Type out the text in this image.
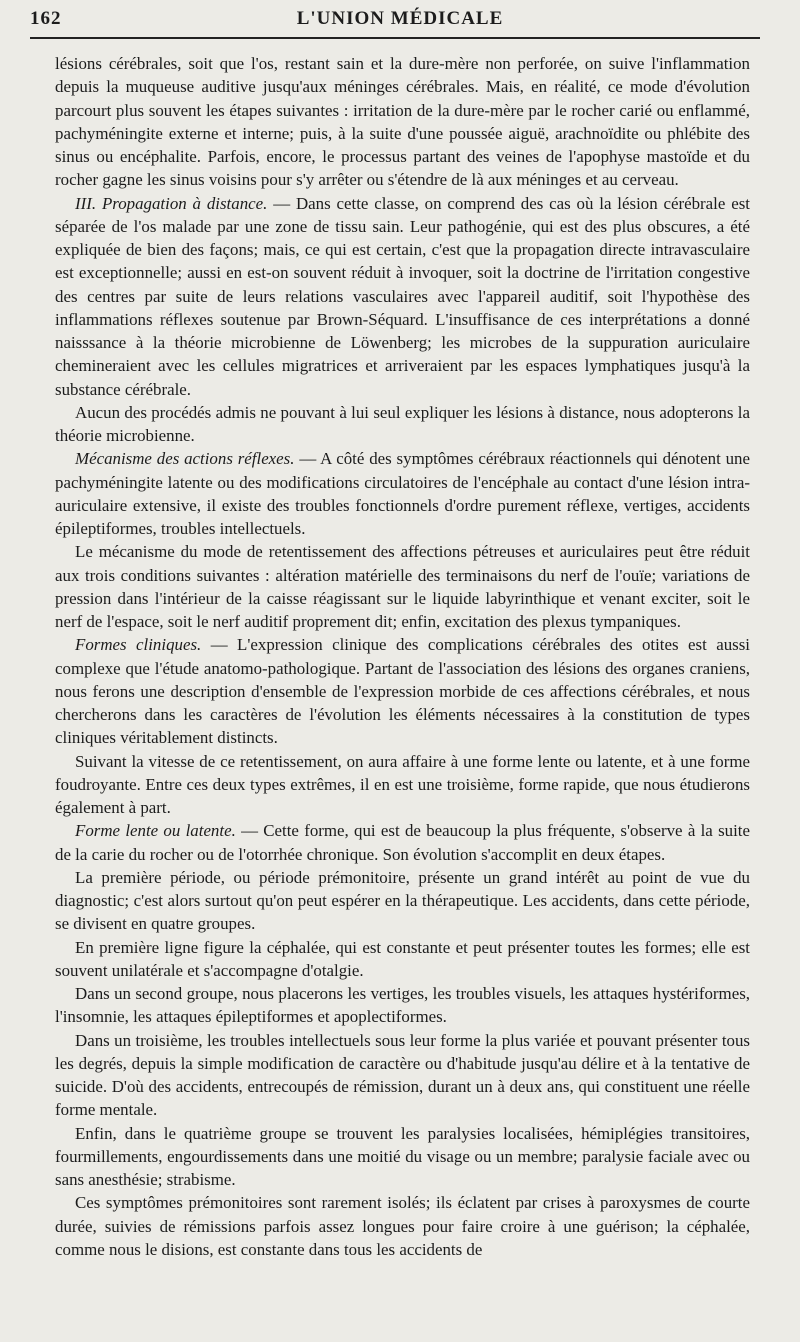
162	L'UNION MÉDICALE

lésions cérébrales, soit que l'os, restant sain et la dure-mère non perforée, on suive l'inflammation depuis la muqueuse auditive jusqu'aux méninges cérébrales. Mais, en réalité, ce mode d'évolution parcourt plus souvent les étapes suivantes : irritation de la dure-mère par le rocher carié ou enflammé, pachyméningite externe et interne; puis, à la suite d'une poussée aiguë, arachnoïdite ou phlébite des sinus ou encéphalite. Parfois, encore, le processus partant des veines de l'apophyse mastoïde et du rocher gagne les sinus voisins pour s'y arrêter ou s'étendre de là aux méninges et au cerveau.

III. Propagation à distance. — Dans cette classe, on comprend des cas où la lésion cérébrale est séparée de l'os malade par une zone de tissu sain. Leur pathogénie, qui est des plus obscures, a été expliquée de bien des façons; mais, ce qui est certain, c'est que la propagation directe intravasculaire est exceptionnelle; aussi en est-on souvent réduit à invoquer, soit la doctrine de l'irritation congestive des centres par suite de leurs relations vasculaires avec l'appareil auditif, soit l'hypothèse des inflammations réflexes soutenue par Brown-Séquard. L'insuffisance de ces interprétations a donné naisssance à la théorie microbienne de Löwenberg; les microbes de la suppuration auriculaire chemineraient avec les cellules migratrices et arriveraient par les espaces lymphatiques jusqu'à la substance cérébrale.

Aucun des procédés admis ne pouvant à lui seul expliquer les lésions à distance, nous adopterons la théorie microbienne.

Mécanisme des actions réflexes. — A côté des symptômes cérébraux réactionnels qui dénotent une pachyméningite latente ou des modifications circulatoires de l'encéphale au contact d'une lésion intra-auriculaire extensive, il existe des troubles fonctionnels d'ordre purement réflexe, vertiges, accidents épileptiformes, troubles intellectuels.

Le mécanisme du mode de retentissement des affections pétreuses et auriculaires peut être réduit aux trois conditions suivantes : altération matérielle des terminaisons du nerf de l'ouïe; variations de pression dans l'intérieur de la caisse réagissant sur le liquide labyrinthique et venant exciter, soit le nerf de l'espace, soit le nerf auditif proprement dit; enfin, excitation des plexus tympaniques.

Formes cliniques. — L'expression clinique des complications cérébrales des otites est aussi complexe que l'étude anatomo-pathologique. Partant de l'association des lésions des organes craniens, nous ferons une description d'ensemble de l'expression morbide de ces affections cérébrales, et nous chercherons dans les caractères de l'évolution les éléments nécessaires à la constitution de types cliniques véritablement distincts.

Suivant la vitesse de ce retentissement, on aura affaire à une forme lente ou latente, et à une forme foudroyante. Entre ces deux types extrêmes, il en est une troisième, forme rapide, que nous étudierons également à part.

Forme lente ou latente. — Cette forme, qui est de beaucoup la plus fréquente, s'observe à la suite de la carie du rocher ou de l'otorrhée chronique. Son évolution s'accomplit en deux étapes.

La première période, ou période prémonitoire, présente un grand intérêt au point de vue du diagnostic; c'est alors surtout qu'on peut espérer en la thérapeutique. Les accidents, dans cette période, se divisent en quatre groupes.

En première ligne figure la céphalée, qui est constante et peut présenter toutes les formes; elle est souvent unilatérale et s'accompagne d'otalgie.

Dans un second groupe, nous placerons les vertiges, les troubles visuels, les attaques hystériformes, l'insomnie, les attaques épileptiformes et apoplectiformes.

Dans un troisième, les troubles intellectuels sous leur forme la plus variée et pouvant présenter tous les degrés, depuis la simple modification de caractère ou d'habitude jusqu'au délire et à la tentative de suicide. D'où des accidents, entrecoupés de rémission, durant un à deux ans, qui constituent une réelle forme mentale.

Enfin, dans le quatrième groupe se trouvent les paralysies localisées, hémiplégies transitoires, fourmillements, engourdissements dans une moitié du visage ou un membre; paralysie faciale avec ou sans anesthésie; strabisme.

Ces symptômes prémonitoires sont rarement isolés; ils éclatent par crises à paroxysmes de courte durée, suivies de rémissions parfois assez longues pour faire croire à une guérison; la céphalée, comme nous le disions, est constante dans tous les accidents de
